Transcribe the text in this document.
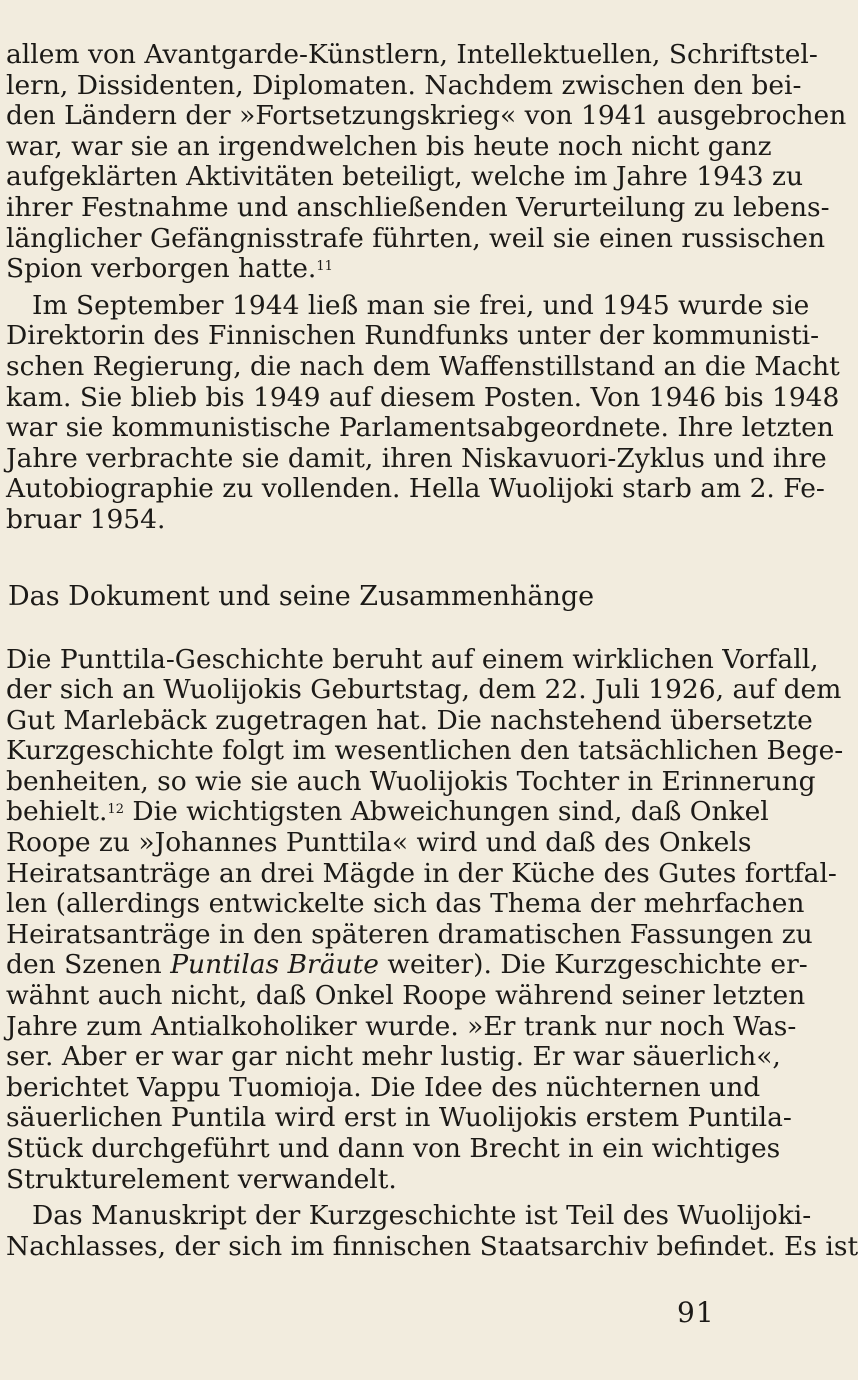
allem von Avantgarde-Künstlern, Intellektuellen, Schriftstel-
lern, Dissidenten, Diplomaten. Nachdem zwischen den bei-
den Ländern der »Fortsetzungskrieg« von 1941 ausgebrochen
war, war sie an irgendwelchen bis heute noch nicht ganz
aufgeklärten Aktivitäten beteiligt, welche im Jahre 1943 zu
ihrer Festnahme und anschließenden Verurteilung zu lebens-
länglicher Gefängnisstrafe führten, weil sie einen russischen
Spion verborgen hatte.$^{11}$
Im September 1944 ließ man sie frei, und 1945 wurde sie
Direktorin des Finnischen Rundfunks unter der kommunisti-
schen Regierung, die nach dem Waffenstillstand an die Macht
kam. Sie blieb bis 1949 auf diesem Posten. Von 1946 bis 1948
war sie kommunistische Parlamentsabgeordnete. Ihre letzten
Jahre verbrachte sie damit, ihren Niskavuori-Zyklus und ihre
Autobiographie zu vollenden. Hella Wuolijoki starb am 2. Fe-
bruar 1954.
Das Dokument und seine Zusammenhänge
Die Punttila-Geschichte beruht auf einem wirklichen Vorfall,
der sich an Wuolijokis Geburtstag, dem 22. Juli 1926, auf dem
Gut Marlebäck zugetragen hat. Die nachstehend übersetzte
Kurzgeschichte folgt im wesentlichen den tatsächlichen Bege-
benheiten, so wie sie auch Wuolijokis Tochter in Erinnerung
behielt.$^{12}$ Die wichtigsten Abweichungen sind, daß Onkel
Roope zu »Johannes Punttila« wird und daß des Onkels
Heiratsanträge an drei Mägde in der Küche des Gutes fortfal-
len (allerdings entwickelte sich das Thema der mehrfachen
Heiratsanträge in den späteren dramatischen Fassungen zu
den Szenen Puntilas Bräute weiter). Die Kurzgeschichte er-
wähnt auch nicht, daß Onkel Roope während seiner letzten
Jahre zum Antialkoholiker wurde. »Er trank nur noch Was-
ser. Aber er war gar nicht mehr lustig. Er war säuerlich«,
berichtet Vappu Tuomioja. Die Idee des nüchternen und
säuerlichen Puntila wird erst in Wuolijokis erstem Puntila-
Stück durchgeführt und dann von Brecht in ein wichtiges
Strukturelement verwandelt.
Das Manuskript der Kurzgeschichte ist Teil des Wuolijoki-
Nachlasses, der sich im finnischen Staatsarchiv befindet. Es ist
91
